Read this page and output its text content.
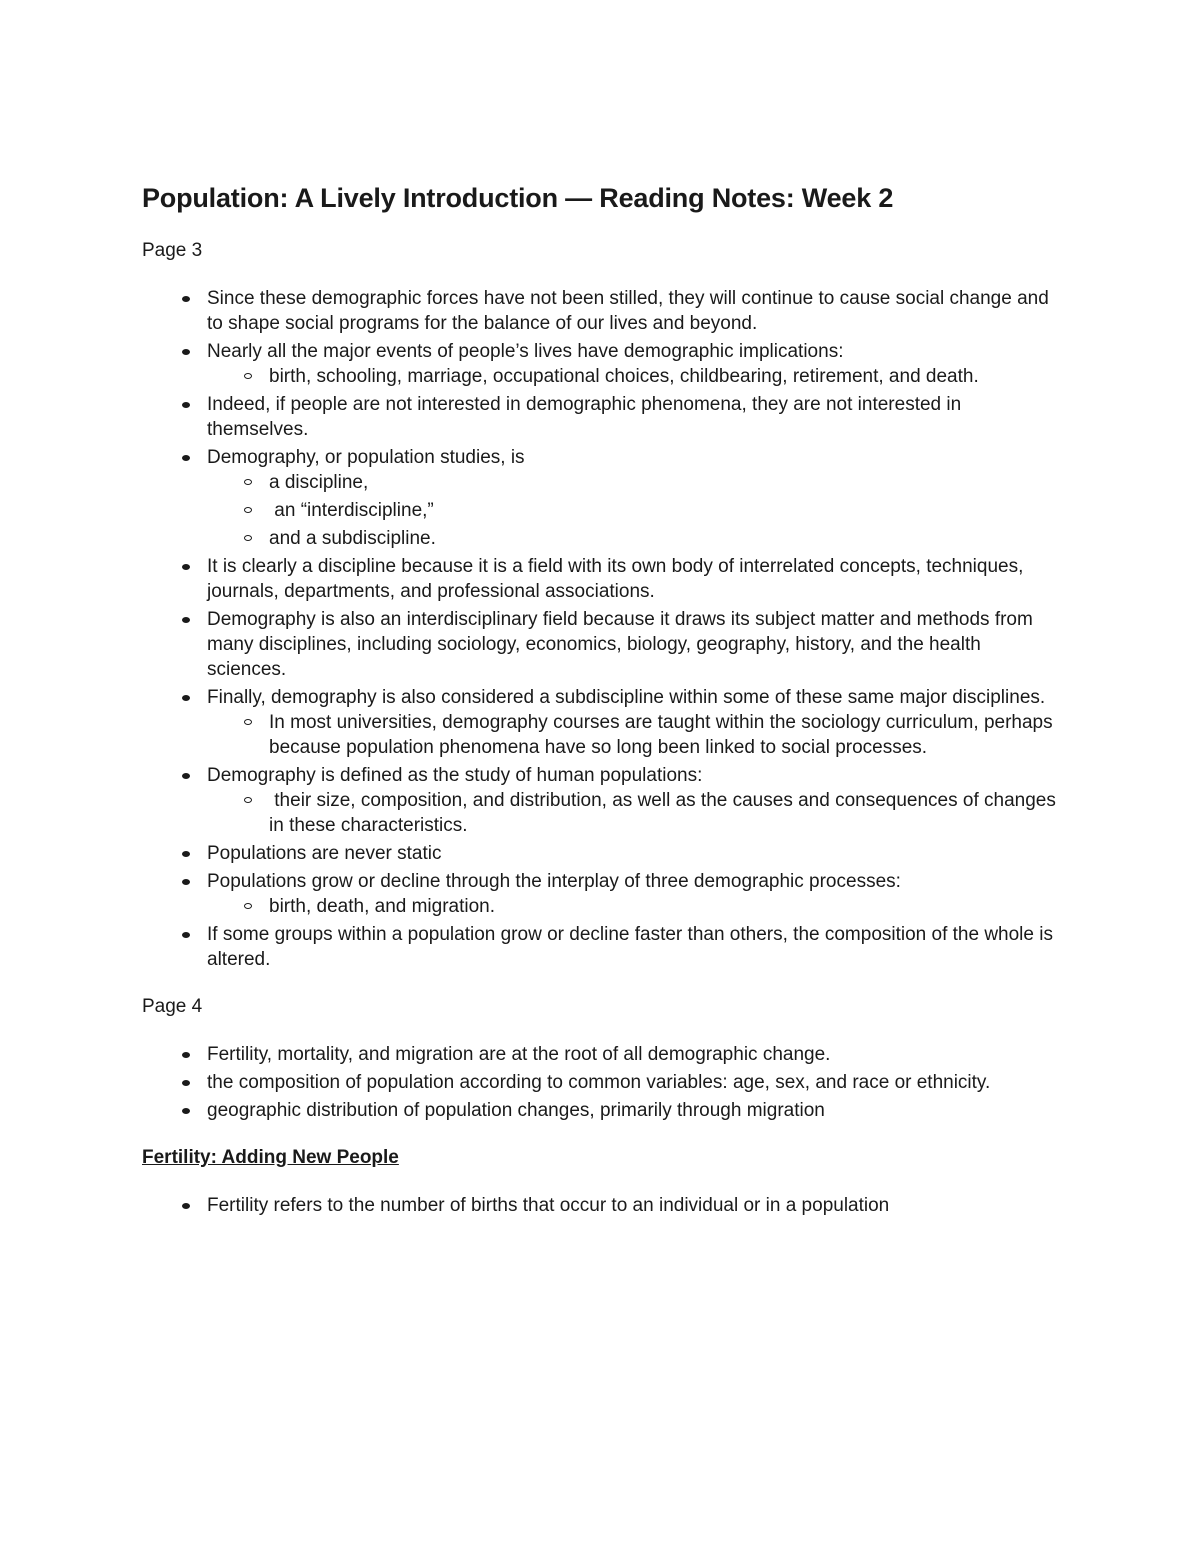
Population: A Lively Introduction — Reading Notes: Week 2
Page 3
Since these demographic forces have not been stilled, they will continue to cause social change and to shape social programs for the balance of our lives and beyond.
Nearly all the major events of people’s lives have demographic implications:
birth, schooling, marriage, occupational choices, childbearing, retirement, and death.
Indeed, if people are not interested in demographic phenomena, they are not interested in themselves.
Demography, or population studies, is
a discipline,
an “interdiscipline,”
and a subdiscipline.
It is clearly a discipline because it is a field with its own body of interrelated concepts, techniques, journals, departments, and professional associations.
Demography is also an interdisciplinary field because it draws its subject matter and methods from many disciplines, including sociology, economics, biology, geography, history, and the health sciences.
Finally, demography is also considered a subdiscipline within some of these same major disciplines.
In most universities, demography courses are taught within the sociology curriculum, perhaps because population phenomena have so long been linked to social processes.
Demography is defined as the study of human populations:
their size, composition, and distribution, as well as the causes and consequences of changes in these characteristics.
Populations are never static
Populations grow or decline through the interplay of three demographic processes:
birth, death, and migration.
If some groups within a population grow or decline faster than others, the composition of the whole is altered.
Page 4
Fertility, mortality, and migration are at the root of all demographic change.
the composition of population according to common variables: age, sex, and race or ethnicity.
geographic distribution of population changes, primarily through migration
Fertility: Adding New People
Fertility refers to the number of births that occur to an individual or in a population
